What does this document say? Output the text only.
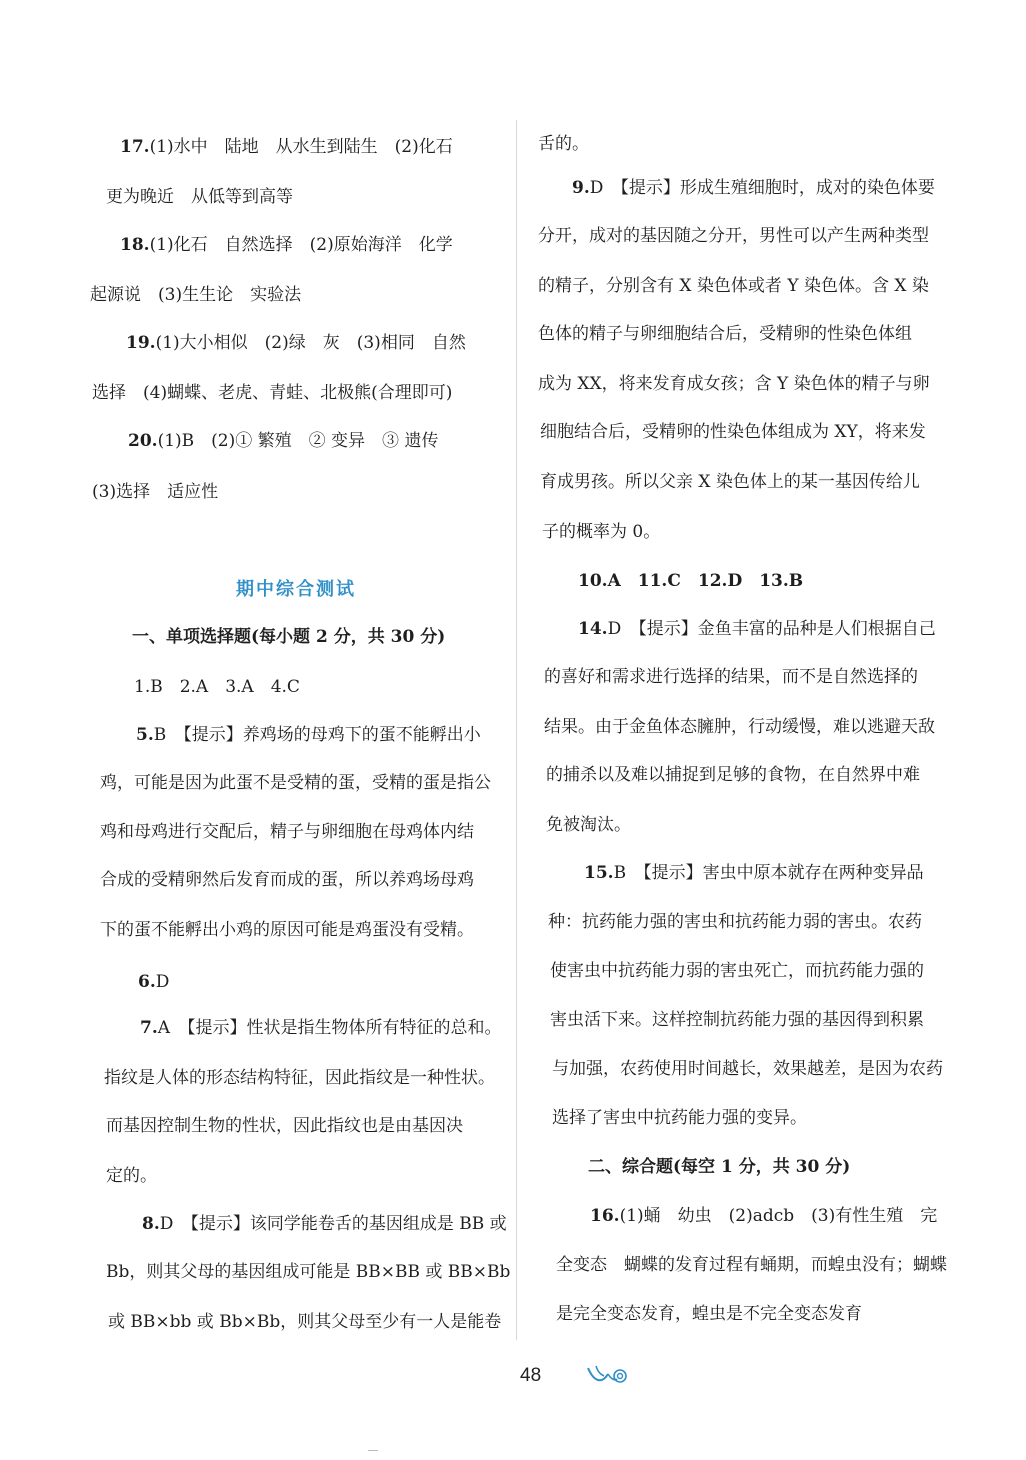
17.(1)水中　陆地　从水生到陆生　(2)化石
更为晚近　从低等到高等
18.(1)化石　自然选择　(2)原始海洋　化学
起源说　(3)生生论　实验法
19.(1)大小相似　(2)绿　灰　(3)相同　自然
选择　(4)蝴蝶、老虎、青蛙、北极熊(合理即可)
20.(1)B　(2)① 繁殖　② 变异　③ 遗传
(3)选择　适应性
期中综合测试
一、单项选择题(每小题 2 分，共 30 分)
1.B　2.A　3.A　4.C
5.B　【提示】养鸡场的母鸡下的蛋不能孵出小
鸡，可能是因为此蛋不是受精的蛋，受精的蛋是指公
鸡和母鸡进行交配后，精子与卵细胞在母鸡体内结
合成的受精卵然后发育而成的蛋，所以养鸡场母鸡
下的蛋不能孵出小鸡的原因可能是鸡蛋没有受精。
6.D
7.A　【提示】性状是指生物体所有特征的总和。
指纹是人体的形态结构特征，因此指纹是一种性状。
而基因控制生物的性状，因此指纹也是由基因决
定的。
8.D　【提示】该同学能卷舌的基因组成是 BB 或
Bb，则其父母的基因组成可能是 BB×BB 或 BB×Bb
或 BB×bb 或 Bb×Bb，则其父母至少有一人是能卷
舌的。
9.D　【提示】形成生殖细胞时，成对的染色体要
分开，成对的基因随之分开，男性可以产生两种类型
的精子，分别含有 X 染色体或者 Y 染色体。含 X 染
色体的精子与卵细胞结合后，受精卵的性染色体组
成为 XX，将来发育成女孩；含 Y 染色体的精子与卵
细胞结合后，受精卵的性染色体组成为 XY，将来发
育成男孩。所以父亲 X 染色体上的某一基因传给儿
子的概率为 0。
10.A　11.C　12.D　13.B
14.D　【提示】金鱼丰富的品种是人们根据自己
的喜好和需求进行选择的结果，而不是自然选择的
结果。由于金鱼体态臃肿，行动缓慢，难以逃避天敌
的捕杀以及难以捕捉到足够的食物，在自然界中难
免被淘汰。
15.B　【提示】害虫中原本就存在两种变异品
种：抗药能力强的害虫和抗药能力弱的害虫。农药
使害虫中抗药能力弱的害虫死亡，而抗药能力强的
害虫活下来。这样控制抗药能力强的基因得到积累
与加强，农药使用时间越长，效果越差，是因为农药
选择了害虫中抗药能力强的变异。
二、综合题(每空 1 分，共 30 分)
16.(1)蛹　幼虫　(2)adcb　(3)有性生殖　完
全变态　蝴蝶的发育过程有蛹期，而蝗虫没有；蝴蝶
是完全变态发育，蝗虫是不完全变态发育
48
